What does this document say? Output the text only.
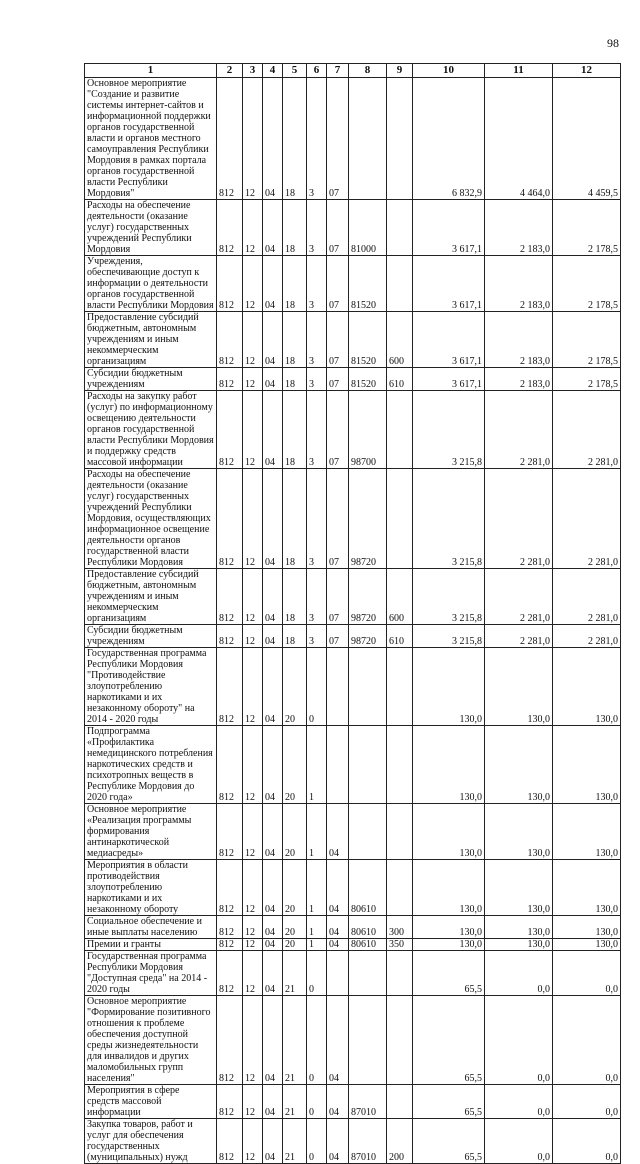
98
1	2	3	4	5	6	7	8	9	10	11	12
Основное мероприятие "Создание и развитие системы интернет-сайтов и информационной поддержки органов государственной власти и органов местного самоуправления Республики Мордовия в рамках портала органов государственной власти Республики Мордовия"	812	12	04	18	3	07			6 832,9	4 464,0	4 459,5
Расходы на обеспечение деятельности (оказание услуг) государственных учреждений Республики Мордовия	812	12	04	18	3	07	81000		3 617,1	2 183,0	2 178,5
Учреждения, обеспечивающие доступ к информации о деятельности органов государственной власти Республики Мордовия	812	12	04	18	3	07	81520		3 617,1	2 183,0	2 178,5
Предоставление субсидий бюджетным, автономным учреждениям и иным некоммерческим организациям	812	12	04	18	3	07	81520	600	3 617,1	2 183,0	2 178,5
Субсидии бюджетным учреждениям	812	12	04	18	3	07	81520	610	3 617,1	2 183,0	2 178,5
Расходы на закупку работ (услуг) по информационному освещению деятельности органов государственной власти Республики Мордовия и поддержку средств массовой информации	812	12	04	18	3	07	98700		3 215,8	2 281,0	2 281,0
Расходы на обеспечение деятельности (оказание услуг) государственных учреждений Республики Мордовия, осуществляющих информационное освещение деятельности органов государственной власти Республики Мордовия	812	12	04	18	3	07	98720		3 215,8	2 281,0	2 281,0
Предоставление субсидий бюджетным, автономным учреждениям и иным некоммерческим организациям	812	12	04	18	3	07	98720	600	3 215,8	2 281,0	2 281,0
Субсидии бюджетным учреждениям	812	12	04	18	3	07	98720	610	3 215,8	2 281,0	2 281,0
Государственная программа Республики Мордовия "Противодействие злоупотреблению наркотиками и их незаконному обороту" на 2014 - 2020 годы	812	12	04	20	0				130,0	130,0	130,0
Подпрограмма «Профилактика немедицинского потребления наркотических средств и психотропных веществ в Республике Мордовия до 2020 года»	812	12	04	20	1				130,0	130,0	130,0
Основное мероприятие «Реализация программы формирования антинаркотической медиасреды»	812	12	04	20	1	04			130,0	130,0	130,0
Мероприятия в области противодействия злоупотреблению наркотиками и их незаконному обороту	812	12	04	20	1	04	80610		130,0	130,0	130,0
Социальное обеспечение и иные выплаты населению	812	12	04	20	1	04	80610	300	130,0	130,0	130,0
Премии и гранты	812	12	04	20	1	04	80610	350	130,0	130,0	130,0
Государственная программа Республики Мордовия "Доступная среда" на 2014 - 2020 годы	812	12	04	21	0				65,5	0,0	0,0
Основное мероприятие "Формирование позитивного отношения к проблеме обеспечения доступной среды жизнедеятельности для инвалидов и других маломобильных групп населения"	812	12	04	21	0	04			65,5	0,0	0,0
Мероприятия в сфере средств массовой информации	812	12	04	21	0	04	87010		65,5	0,0	0,0
Закупка товаров, работ и услуг для обеспечения государственных (муниципальных) нужд	812	12	04	21	0	04	87010	200	65,5	0,0	0,0
